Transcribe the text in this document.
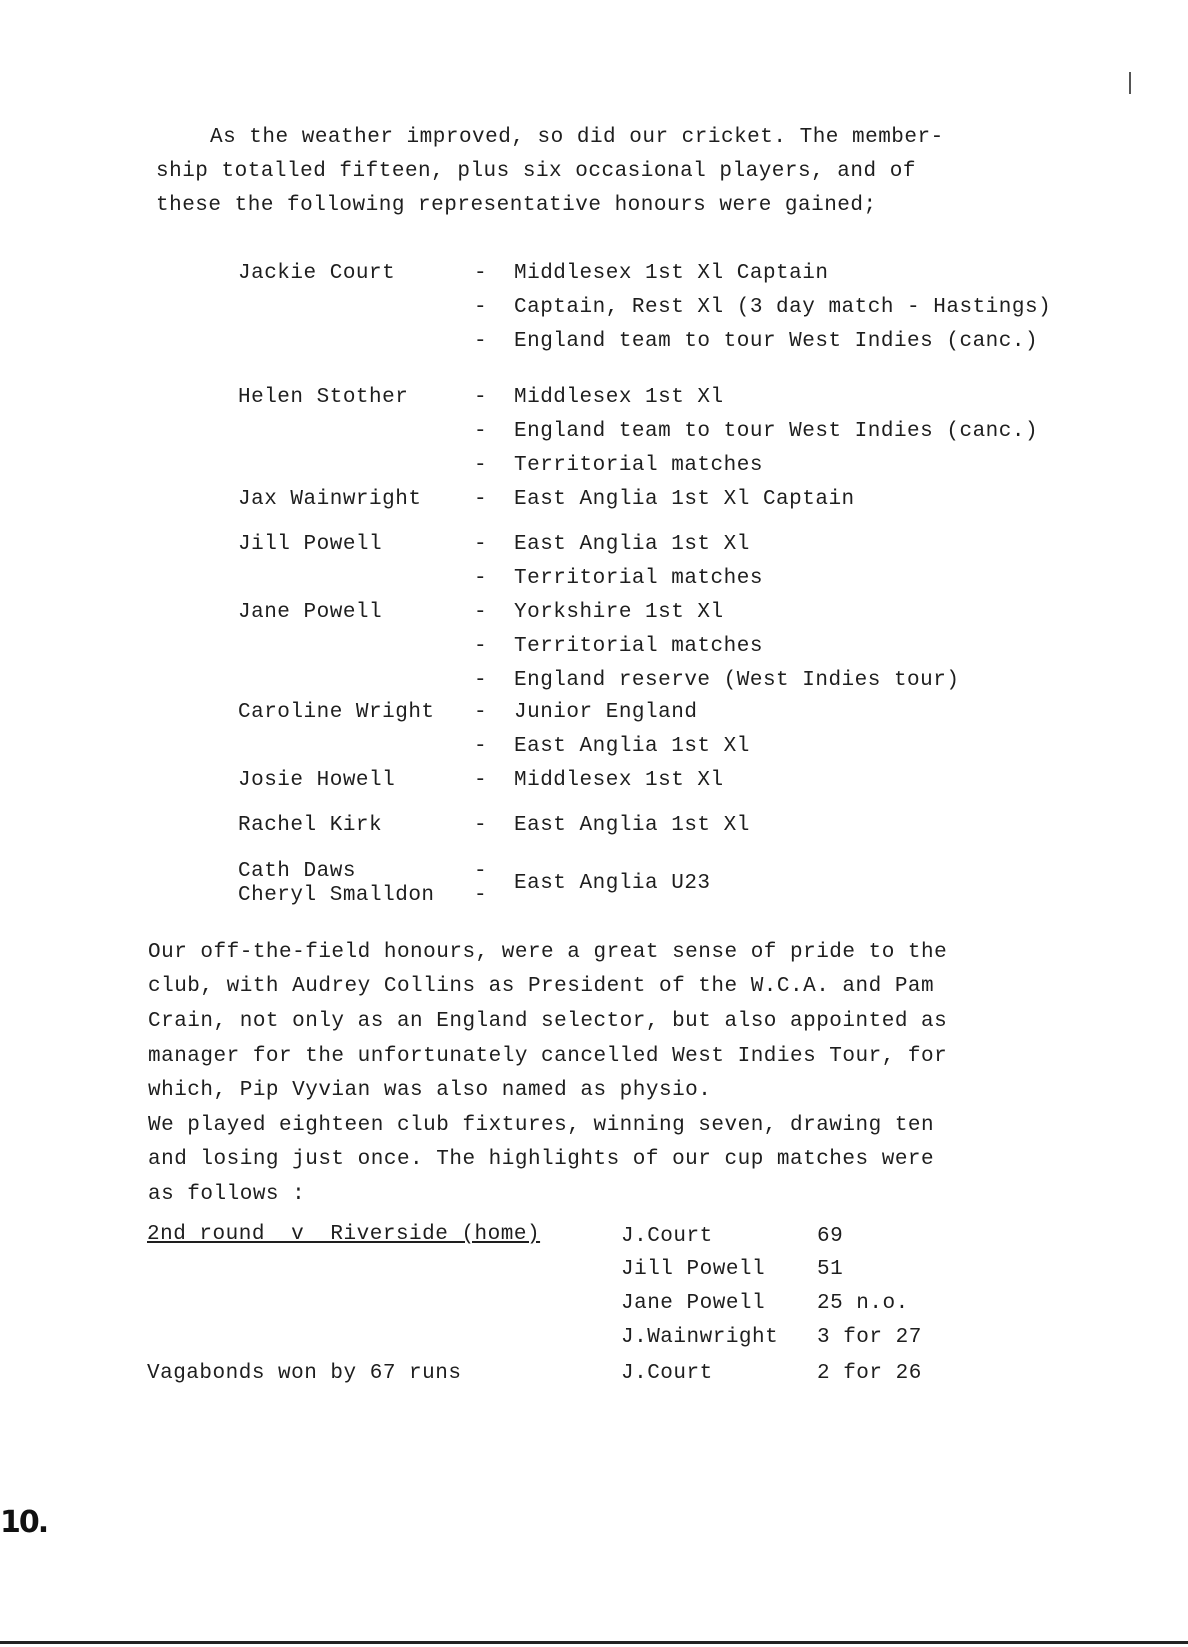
As the weather improved, so did our cricket. The member-
ship totalled fifteen, plus six occasional players, and of
these the following representative honours were gained;
Jackie Court	- Middlesex 1st Xl Captain
- Captain, Rest Xl (3 day match - Hastings)
- England team to tour West Indies (canc.)
Helen Stother	- Middlesex 1st Xl
- England team to tour West Indies (canc.)
- Territorial matches
Jax Wainwright	- East Anglia 1st Xl Captain
Jill Powell	- East Anglia 1st Xl
- Territorial matches
Jane Powell	- Yorkshire 1st Xl
- Territorial matches
- England reserve (West Indies tour)
Caroline Wright - Junior England
- East Anglia 1st Xl
Josie Howell	- Middlesex 1st Xl
Rachel Kirk	- East Anglia 1st Xl
Cath Daws	-
Cheryl Smalldon -
East Anglia U23
Our off-the-field honours, were a great sense of pride to the
club, with Audrey Collins as President of the W.C.A. and Pam
Crain, not only as an England selector, but also appointed as
manager for the unfortunately cancelled West Indies Tour, for
which, Pip Vyvian was also named as physio.
We played eighteen club fixtures, winning seven, drawing ten
and losing just once. The highlights of our cup matches were
as follows :
2nd round  v  Riverside (home)	J.Court	69
Jill Powell 51
Jane Powell 25 n.o.
J.Wainwright 3 for 27
J.Court	2 for 26
Vagabonds won by 67 runs
10.
